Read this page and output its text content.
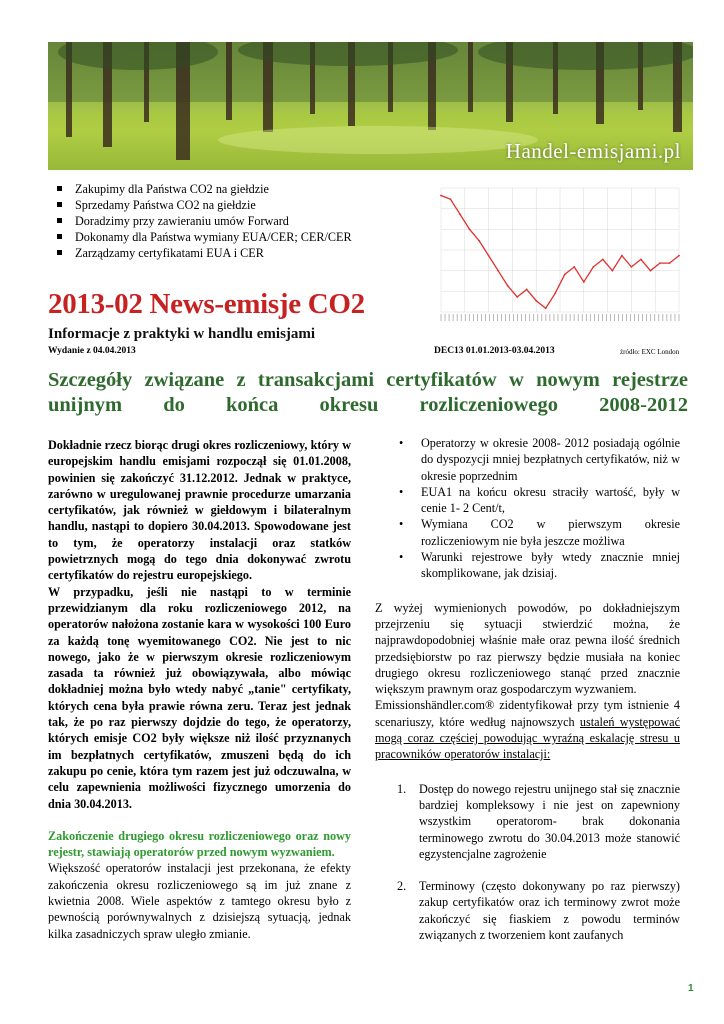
Handel-emisjami.pl
Zakupimy dla Państwa CO2 na giełdzie
Sprzedamy Państwa CO2 na giełdzie
Doradzimy przy zawieraniu umów Forward
Dokonamy dla Państwa wymiany EUA/CER; CER/CER
Zarządzamy certyfikatami EUA i CER
2013-02 News-emisje CO2
Informacje z praktyki w handlu emisjami
Wydanie z 04.04.2013	DEC13 01.01.2013-03.04.2013	źródło: EXC London
Szczegóły związane z transakcjami certyfikatów w nowym rejestrze unijnym do końca okresu rozliczeniowego 2008-2012

Dokładnie rzecz biorąc drugi okres rozliczeniowy, który w europejskim handlu emisjami rozpoczął się 01.01.2008, powinien się zakończyć 31.12.2012. Jednak w praktyce, zarówno w uregulowanej prawnie procedurze umarzania certyfikatów, jak również w giełdowym i bilateralnym handlu, nastąpi to dopiero 30.04.2013. Spowodowane jest to tym, że operatorzy instalacji oraz statków powietrznych mogą do tego dnia dokonywać zwrotu certyfikatów do rejestru europejskiego.

W przypadku, jeśli nie nastąpi to w terminie przewidzianym dla roku rozliczeniowego 2012, na operatorów nałożona zostanie kara w wysokości 100 Euro za każdą tonę wyemitowanego CO2. Nie jest to nic nowego, jako że w pierwszym okresie rozliczeniowym zasada ta również już obowiązywała, albo mówiąc dokładniej można było wtedy nabyć „tanie" certyfikaty, których cena była prawie równa zeru. Teraz jest jednak tak, że po raz pierwszy dojdzie do tego, że operatorzy, których emisje CO2 były większe niż ilość przyznanych im bezpłatnych certyfikatów, zmuszeni będą do ich zakupu po cenie, która tym razem jest już odczuwalna, w celu zapewnienia możliwości fizycznego umorzenia do dnia 30.04.2013.

Zakończenie drugiego okresu rozliczeniowego oraz nowy rejestr, stawiają operatorów przed nowym wyzwaniem.

Większość operatorów instalacji jest przekonana, że efekty zakończenia okresu rozliczeniowego są im już znane z kwietnia 2008. Wiele aspektów z tamtego okresu było z pewnością porównywalnych z dzisiejszą sytuacją, jednak kilka zasadniczych spraw uległo zmianie.

• Operatorzy w okresie 2008- 2012 posiadają ogólnie do dyspozycji mniej bezpłatnych certyfikatów, niż w okresie poprzednim
• EUA1 na końcu okresu straciły wartość, były w cenie 1- 2 Cent/t,
• Wymiana CO2 w pierwszym okresie rozliczeniowym nie była jeszcze możliwa
• Warunki rejestrowe były wtedy znacznie mniej skomplikowane, jak dzisiaj.

Z wyżej wymienionych powodów, po dokładniejszym przejrzeniu się sytuacji stwierdzić można, że najprawdopodobniej właśnie małe oraz pewna ilość średnich przedsiębiorstw po raz pierwszy będzie musiała na koniec drugiego okresu rozliczeniowego stanąć przed znacznie większym prawnym oraz gospodarczym wyzwaniem.

Emissionshändler.com® zidentyfikował przy tym istnienie 4 scenariuszy, które według najnowszych ustaleń występować mogą coraz częściej powodując wyraźną eskalację stresu u pracowników operatorów instalacji:

1. Dostęp do nowego rejestru unijnego stał się znacznie bardziej kompleksowy i nie jest on zapewniony wszystkim operatorom- brak dokonania terminowego zwrotu do 30.04.2013 może stanowić egzystencjalne zagrożenie
2. Terminowy (często dokonywany po raz pierwszy) zakup certyfikatów oraz ich terminowy zwrot może zakończyć się fiaskiem z powodu terminów związanych z tworzeniem kont zaufanych
1
